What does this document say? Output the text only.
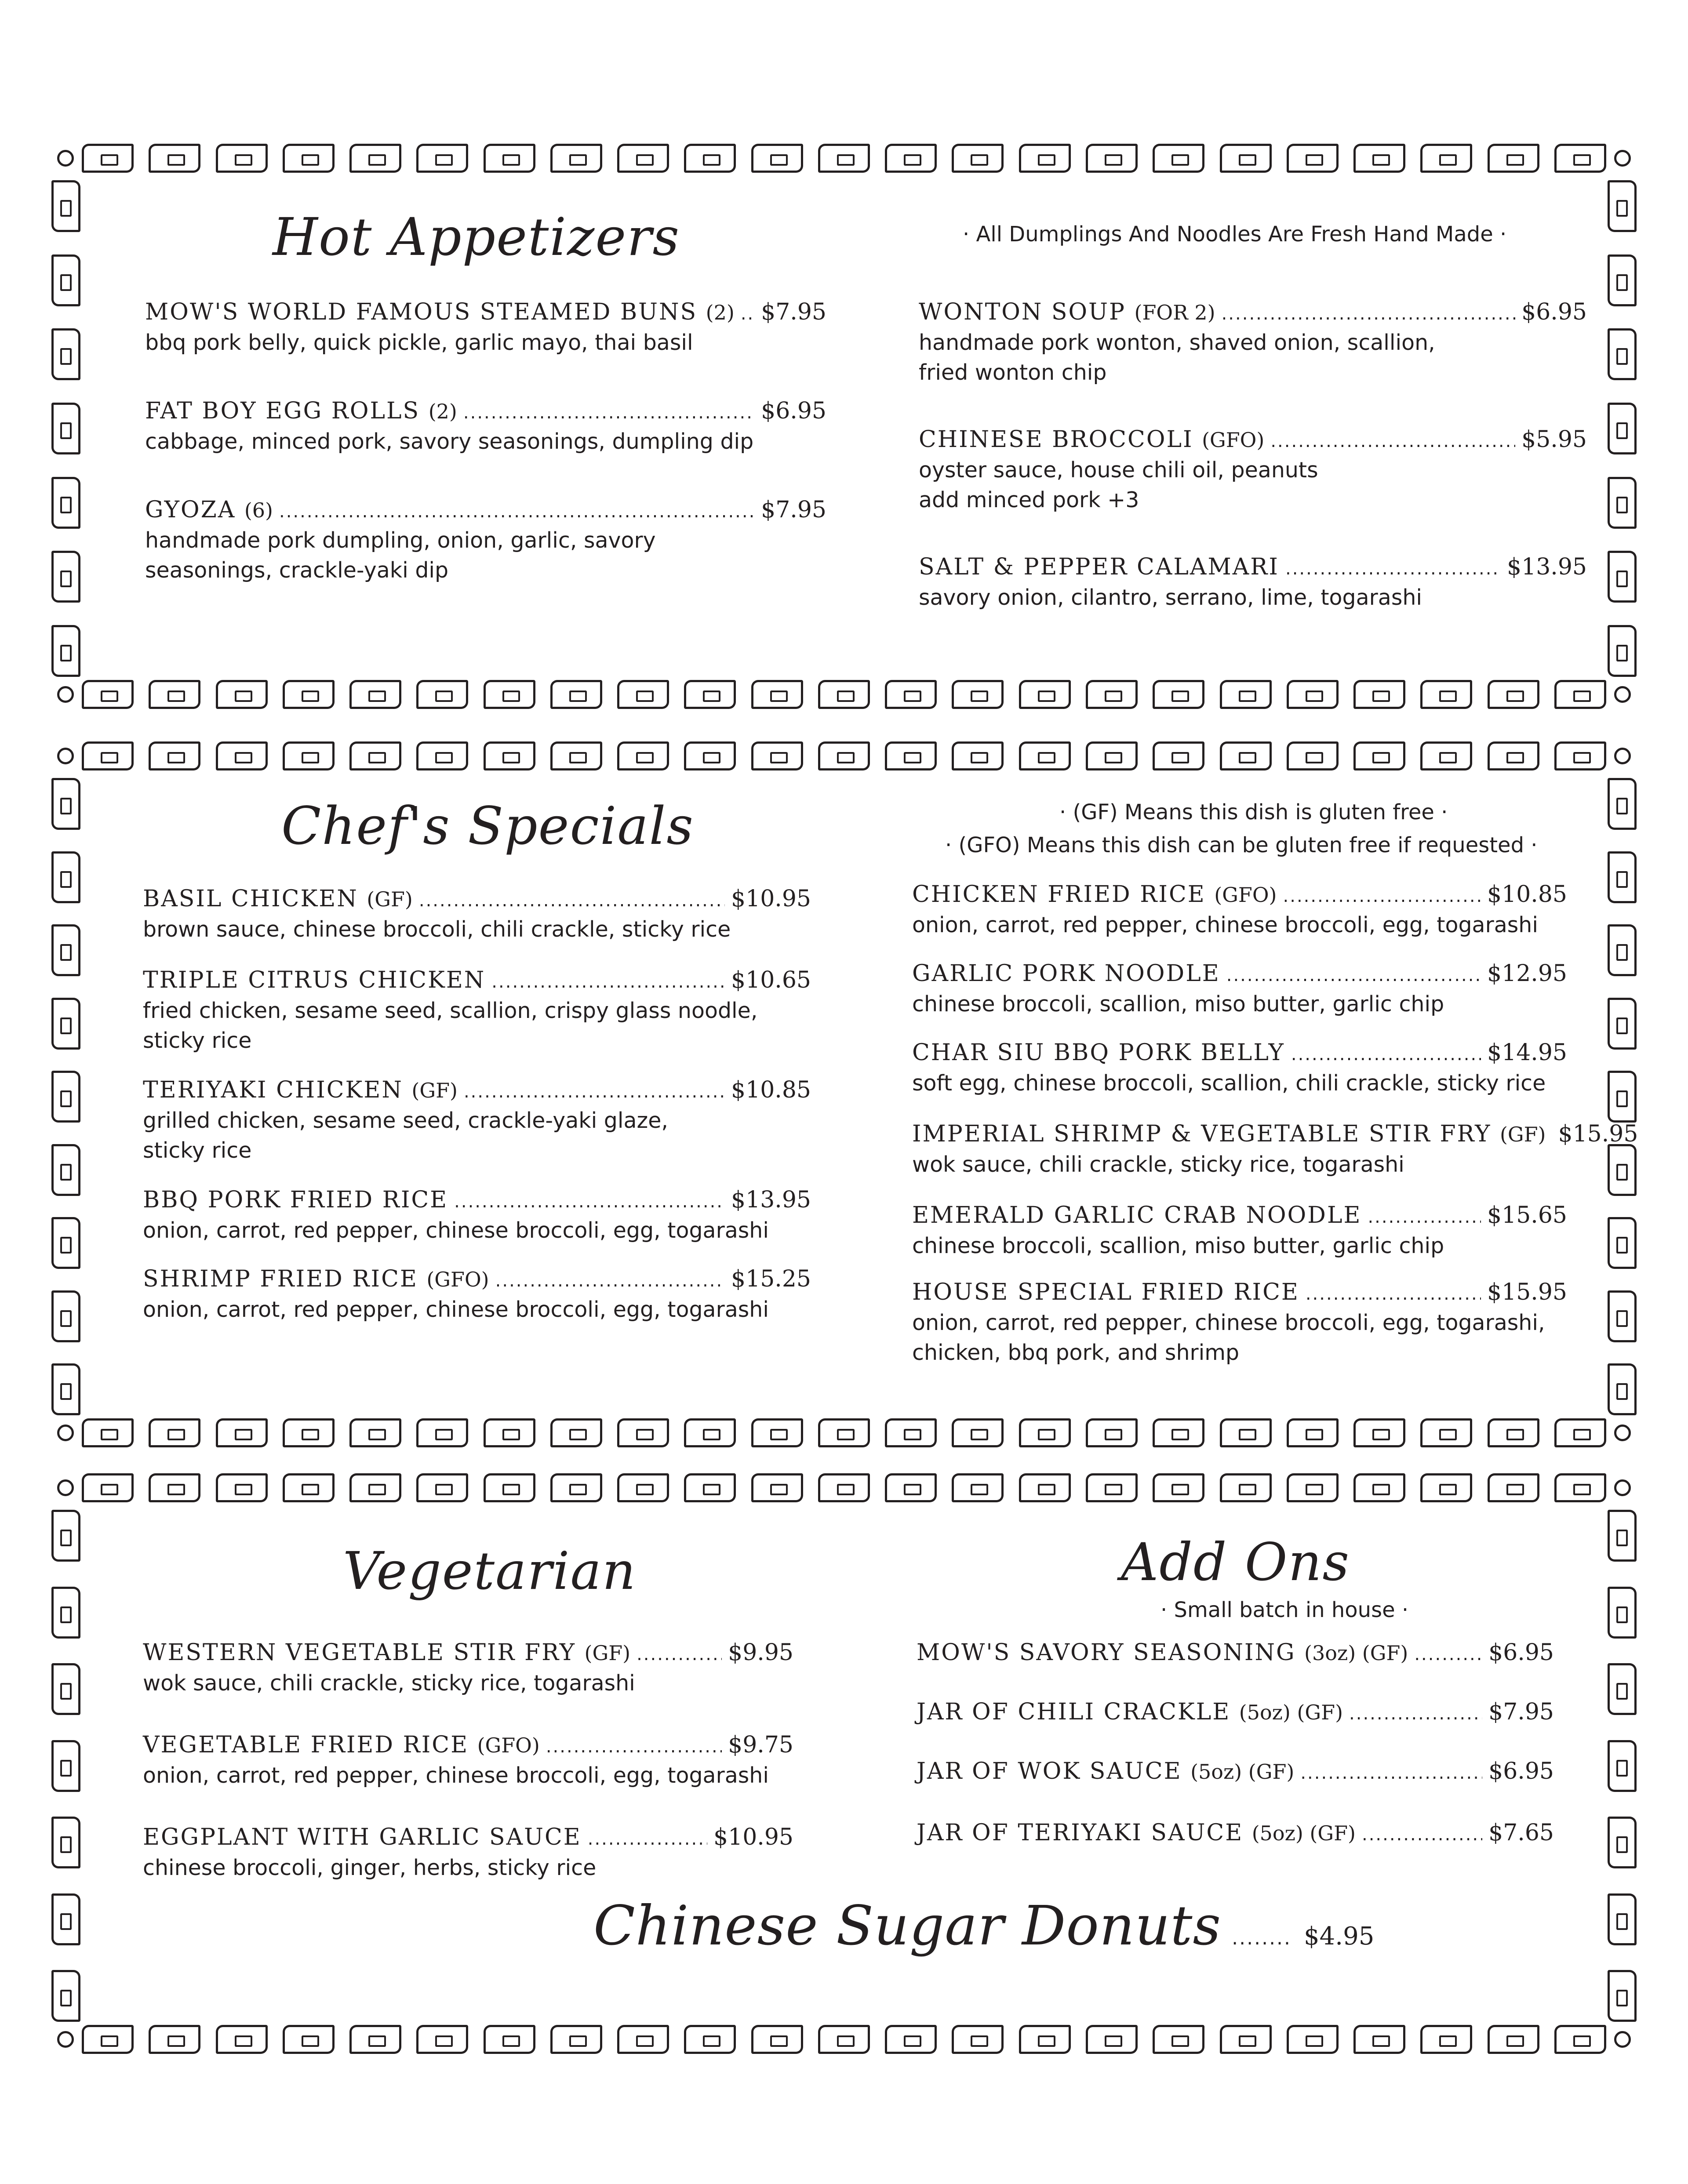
Hot Appetizers	· All Dumplings And Noodles Are Fresh Hand Made ·
MOW'S WORLD FAMOUS STEAMED BUNS (2) ..... $7.95
bbq pork belly, quick pickle, garlic mayo, thai basil
FAT BOY EGG ROLLS (2) .....	$6.95
cabbage, minced pork, savory seasonings, dumpling dip
GYOZA (6) .....	$7.95
handmade pork dumpling, onion, garlic, savory
seasonings, crackle-yaki dip
WONTON SOUP (FOR 2) .....	$6.95
handmade pork wonton, shaved onion, scallion,
fried wonton chip
CHINESE BROCCOLI (GFO) .....	$5.95
oyster sauce, house chili oil, peanuts
add minced pork +3
SALT & PEPPER CALAMARI .....	$13.95
savory onion, cilantro, serrano, lime, togarashi
Chef's Specials	· (GF) Means this dish is gluten free ·
· (GFO) Means this dish can be gluten free if requested ·
BASIL CHICKEN (GF) .....	$10.95
brown sauce, chinese broccoli, chili crackle, sticky rice
TRIPLE CITRUS CHICKEN .....	$10.65
fried chicken, sesame seed, scallion, crispy glass noodle,
sticky rice
TERIYAKI CHICKEN (GF) .....	$10.85
grilled chicken, sesame seed, crackle-yaki glaze,
sticky rice
BBQ PORK FRIED RICE .....	$13.95
onion, carrot, red pepper, chinese broccoli, egg, togarashi
SHRIMP FRIED RICE (GFO) .....	$15.25
onion, carrot, red pepper, chinese broccoli, egg, togarashi
CHICKEN FRIED RICE (GFO) .....	$10.85
onion, carrot, red pepper, chinese broccoli, egg, togarashi
GARLIC PORK NOODLE .....	$12.95
chinese broccoli, scallion, miso butter, garlic chip
CHAR SIU BBQ PORK BELLY .....	$14.95
soft egg, chinese broccoli, scallion, chili crackle, sticky rice
IMPERIAL SHRIMP & VEGETABLE STIR FRY (GF) $15.95
wok sauce, chili crackle, sticky rice, togarashi
EMERALD GARLIC CRAB NOODLE .....	$15.65
chinese broccoli, scallion, miso butter, garlic chip
HOUSE SPECIAL FRIED RICE .....	$15.95
onion, carrot, red pepper, chinese broccoli, egg, togarashi,
chicken, bbq pork, and shrimp
Vegetarian	Add Ons
· Small batch in house ·
WESTERN VEGETABLE STIR FRY (GF) .....	$9.95
wok sauce, chili crackle, sticky rice, togarashi
VEGETABLE FRIED RICE (GFO) .....	$9.75
onion, carrot, red pepper, chinese broccoli, egg, togarashi
EGGPLANT WITH GARLIC SAUCE .....	$10.95
chinese broccoli, ginger, herbs, sticky rice
MOW'S SAVORY SEASONING (3oz) (GF) .....	$6.95
JAR OF CHILI CRACKLE (5oz) (GF) .....	$7.95
JAR OF WOK SAUCE (5oz) (GF) .....	$6.95
JAR OF TERIYAKI SAUCE (5oz) (GF) .....	$7.65
Chinese Sugar Donuts ........ $4.95
